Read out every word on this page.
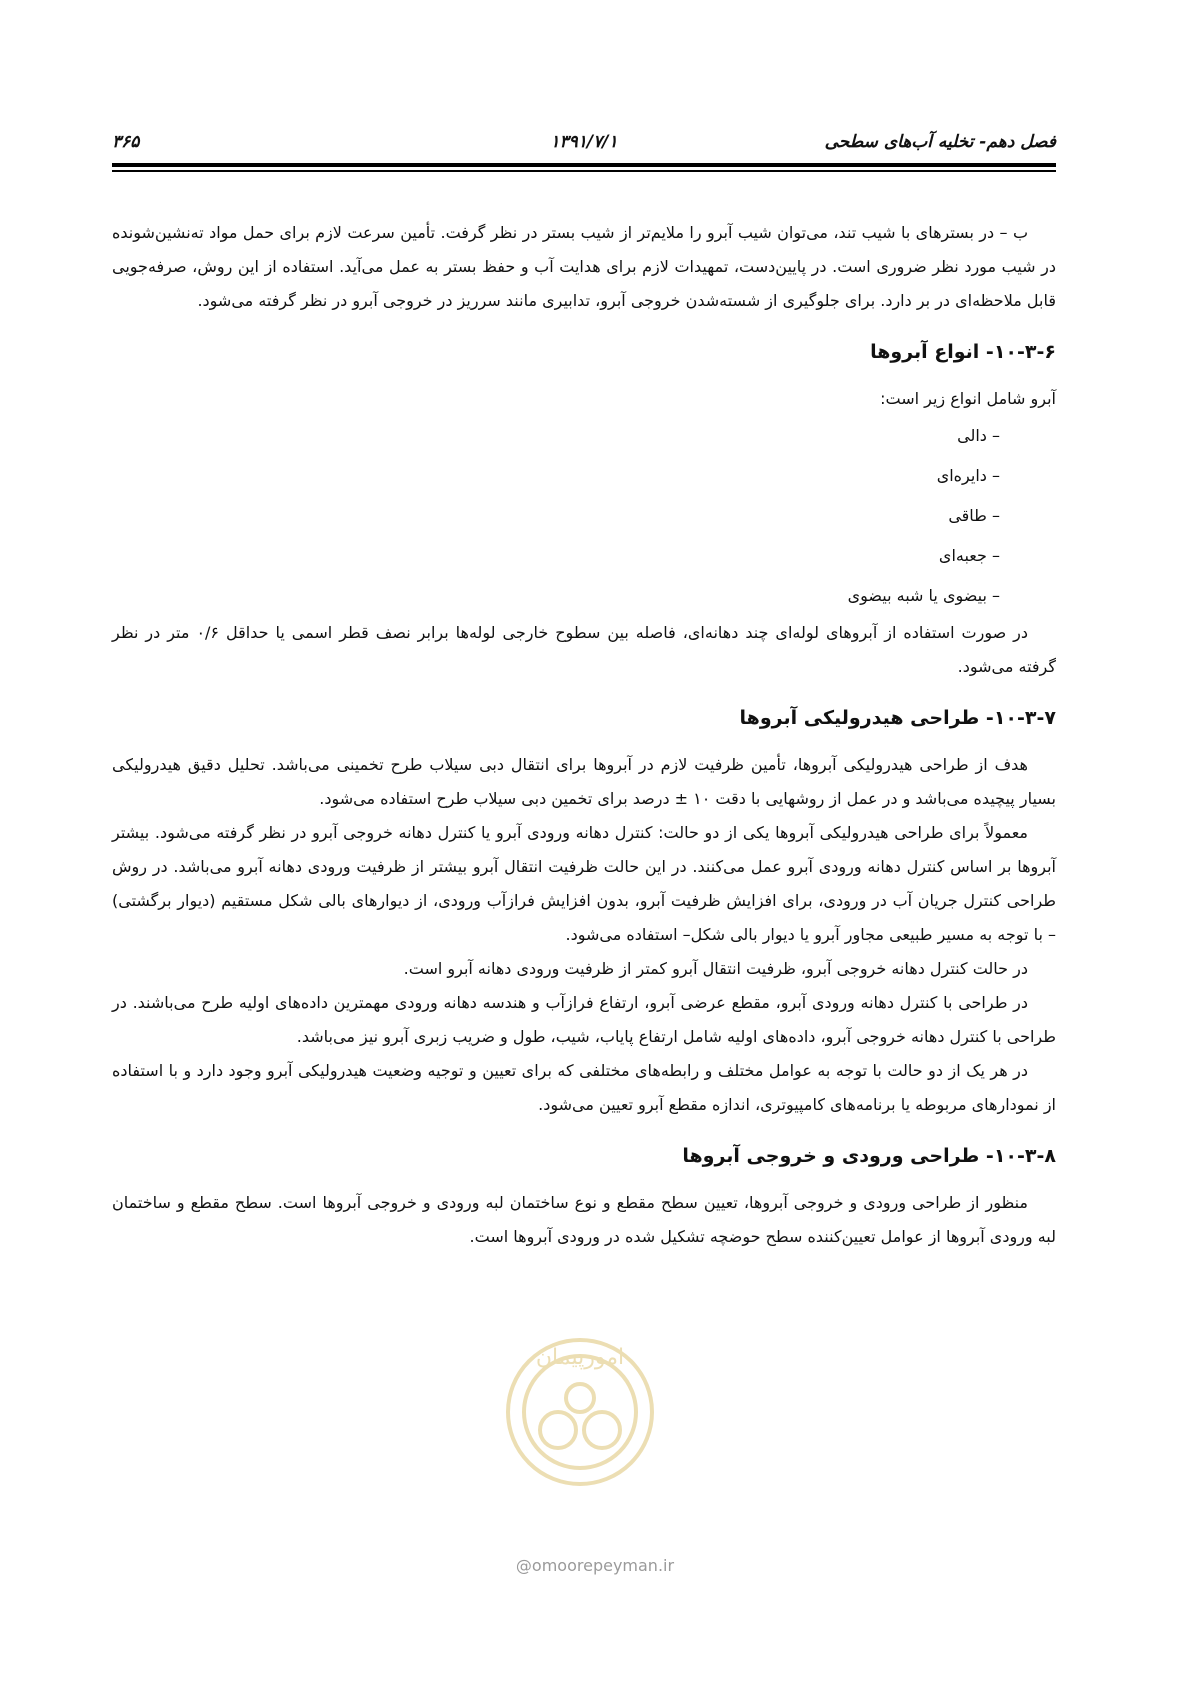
فصل دهم- تخلیه آب‌های سطحی
۱۳۹۱/۷/۱
۳۶۵

ب – در بسترهای با شیب تند، می‌توان شیب آبرو را ملایم‌تر از شیب بستر در نظر گرفت. تأمین سرعت لازم برای حمل مواد ته‌نشین‌شونده در شیب مورد نظر ضروری است. در پایین‌دست، تمهیدات لازم برای هدایت آب و حفظ بستر به عمل می‌آید. استفاده از این روش، صرفه‌جویی قابل ملاحظه‌ای در بر دارد. برای جلوگیری از شسته‌شدن خروجی آبرو، تدابیری مانند سرریز در خروجی آبرو در نظر گرفته می‌شود.

۱۰-۳-۶- انواع آبروها

آبرو شامل انواع زیر است:

– دالی
– دایره‌ای
– طاقی
– جعبه‌ای
– بیضوی یا شبه بیضوی

در صورت استفاده از آبروهای لوله‌ای چند دهانه‌ای، فاصله بین سطوح خارجی لوله‌ها برابر نصف قطر اسمی یا حداقل ۰/۶ متر در نظر گرفته می‌شود.

۱۰-۳-۷- طراحی هیدرولیکی آبروها

هدف از طراحی هیدرولیکی آبروها، تأمین ظرفیت لازم در آبروها برای انتقال دبی سیلاب طرح تخمینی می‌باشد. تحلیل دقیق هیدرولیکی بسیار پیچیده می‌باشد و در عمل از روشهایی با دقت ۱۰ ± درصد برای تخمین دبی سیلاب طرح استفاده می‌شود.

معمولاً برای طراحی هیدرولیکی آبروها یکی از دو حالت: کنترل دهانه ورودی آبرو یا کنترل دهانه خروجی آبرو در نظر گرفته می‌شود. بیشتر آبروها بر اساس کنترل دهانه ورودی آبرو عمل می‌کنند. در این حالت ظرفیت انتقال آبرو بیشتر از ظرفیت ورودی دهانه آبرو می‌باشد. در روش طراحی کنترل جریان آب در ورودی، برای افزایش ظرفیت آبرو، بدون افزایش فرازآب ورودی، از دیوارهای بالی شکل مستقیم (دیوار برگشتی) – با توجه به مسیر طبیعی مجاور آبرو یا دیوار بالی شکل– استفاده می‌شود.

در حالت کنترل دهانه خروجی آبرو، ظرفیت انتقال آبرو کمتر از ظرفیت ورودی دهانه آبرو است.

در طراحی با کنترل دهانه ورودی آبرو، مقطع عرضی آبرو، ارتفاع فرازآب و هندسه دهانه ورودی مهمترین داده‌های اولیه طرح می‌باشند. در طراحی با کنترل دهانه خروجی آبرو، داده‌های اولیه شامل ارتفاع پایاب، شیب، طول و ضریب زبری آبرو نیز می‌باشد.

در هر یک از دو حالت با توجه به عوامل مختلف و رابطه‌های مختلفی که برای تعیین و توجیه وضعیت هیدرولیکی آبرو وجود دارد و با استفاده از نمودارهای مربوطه یا برنامه‌های کامپیوتری، اندازه مقطع آبرو تعیین می‌شود.

۱۰-۳-۸- طراحی ورودی و خروجی آبروها

منظور از طراحی ورودی و خروجی آبروها، تعیین سطح مقطع و نوع ساختمان لبه ورودی و خروجی آبروها است. سطح مقطع و ساختمان لبه ورودی آبروها از عوامل تعیین‌کننده سطح حوضچه تشکیل شده در ورودی آبروها است.

امورپیمان
@omoorepeyman.ir
